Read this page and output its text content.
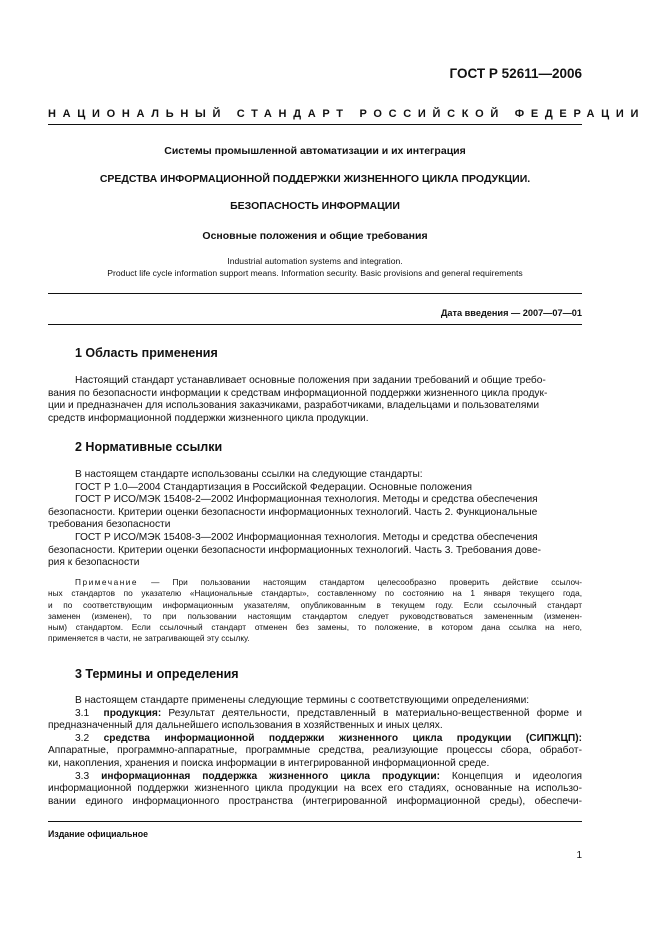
ГОСТ Р 52611—2006
НАЦИОНАЛЬНЫЙ СТАНДАРТ РОССИЙСКОЙ ФЕДЕРАЦИИ
Системы промышленной автоматизации и их интеграция
СРЕДСТВА ИНФОРМАЦИОННОЙ ПОДДЕРЖКИ ЖИЗНЕННОГО ЦИКЛА ПРОДУКЦИИ.
БЕЗОПАСНОСТЬ ИНФОРМАЦИИ
Основные положения и общие требования
Industrial automation systems and integration.
Product life cycle information support means. Information security. Basic provisions and general requirements
Дата введения — 2007—07—01
1 Область применения

Настоящий стандарт устанавливает основные положения при задании требований и общие требо-

вания по безопасности информации к средствам информационной поддержки жизненного цикла продук-

ции и предназначен для использования заказчиками, разработчиками, владельцами и пользователями

средств информационной поддержки жизненного цикла продукции.

2 Нормативные ссылки

В настоящем стандарте использованы ссылки на следующие стандарты:

ГОСТ Р 1.0—2004 Стандартизация в Российской Федерации. Основные положения

ГОСТ Р ИСО/МЭК 15408-2—2002 Информационная технология. Методы и средства обеспечения

безопасности. Критерии оценки безопасности информационных технологий. Часть 2. Функциональные

требования безопасности

ГОСТ Р ИСО/МЭК 15408-3—2002 Информационная технология. Методы и средства обеспечения

безопасности. Критерии оценки безопасности информационных технологий. Часть 3. Требования дове-

рия к безопасности

Примечание — При пользовании настоящим стандартом целесообразно проверить действие ссылоч-
ных стандартов по указателю «Национальные стандарты», составленному по состоянию на 1 января текущего года,
и по соответствующим информационным указателям, опубликованным в текущем году. Если ссылочный стандарт
заменен (изменен), то при пользовании настоящим стандартом следует руководствоваться замененным (изменен-
ным) стандартом. Если ссылочный стандарт отменен без замены, то положение, в котором дана ссылка на него,
применяется в части, не затрагивающей эту ссылку.
3 Термины и определения

В настоящем стандарте применены следующие термины с соответствующими определениями:

3.1 продукция: Результат деятельности, представленный в материально-вещественной форме и

предназначенный для дальнейшего использования в хозяйственных и иных целях.

3.2 средства информационной поддержки жизненного цикла продукции (СИПЖЦП):

Аппаратные, программно-аппаратные, программные средства, реализующие процессы сбора, обработ-

ки, накопления, хранения и поиска информации в интегрированной информационной среде.

3.3 информационная поддержка жизненного цикла продукции: Концепция и идеология

информационной поддержки жизненного цикла продукции на всех его стадиях, основанные на использо-

вании единого информационного пространства (интегрированной информационной среды), обеспечи-

Издание официальное
1
